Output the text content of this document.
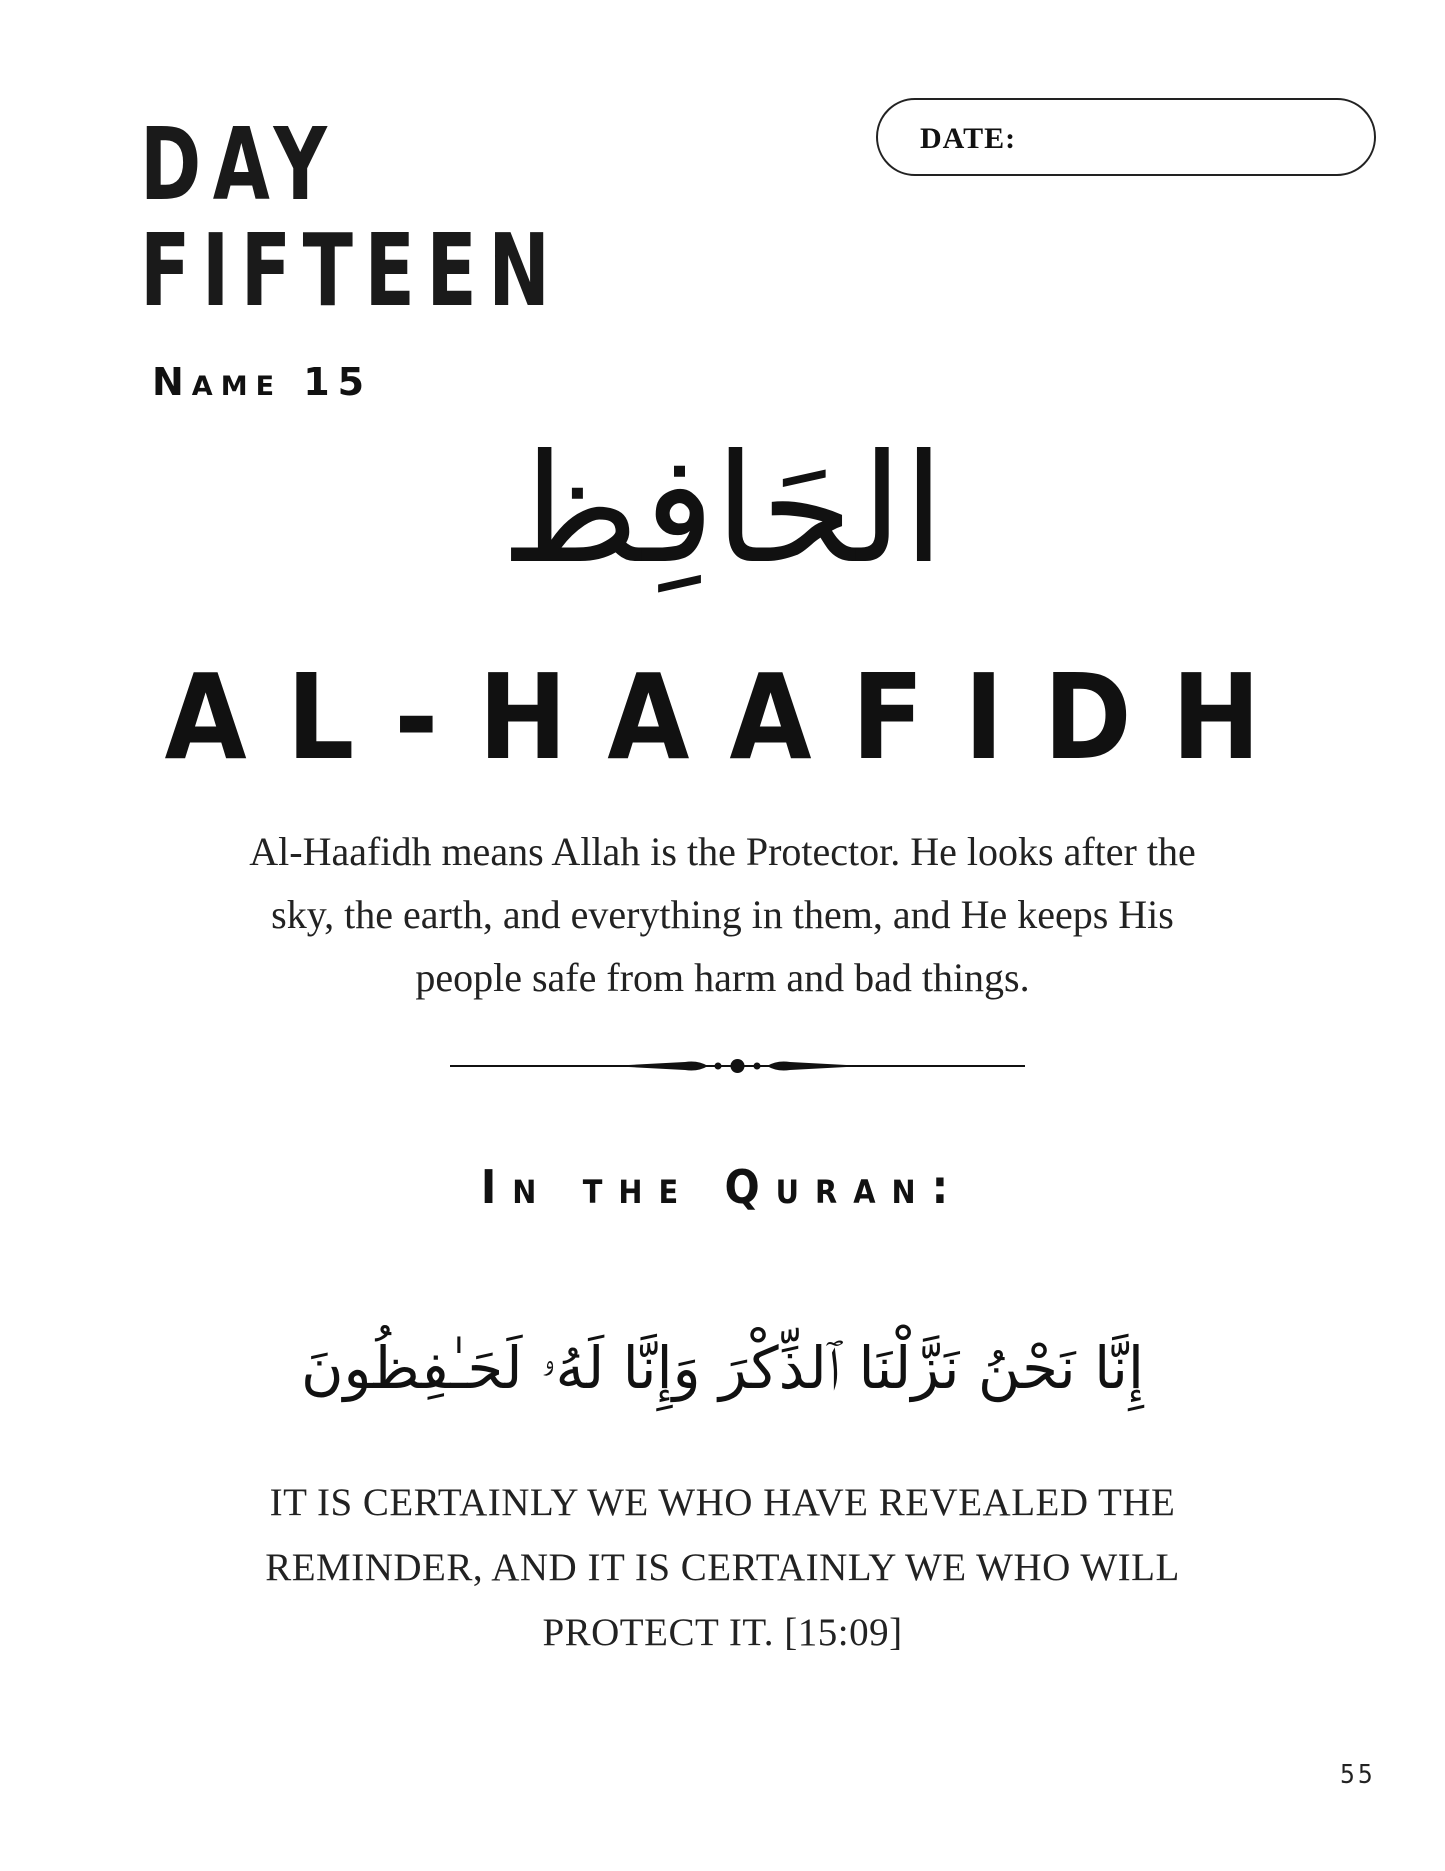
DAY
FIFTEEN
Name 15
DATE:
الحَافِظ
AL-HAAFIDH
Al-Haafidh means Allah is the Protector. He looks after the sky, the earth, and everything in them, and He keeps His people safe from harm and bad things.
In the Quran:
إِنَّا نَحْنُ نَزَّلْنَا ٱلذِّكْرَ وَإِنَّا لَهُۥ لَحَـٰفِظُونَ
IT IS CERTAINLY WE WHO HAVE REVEALED THE REMINDER, AND IT IS CERTAINLY WE WHO WILL PROTECT IT. [15:09]
55
